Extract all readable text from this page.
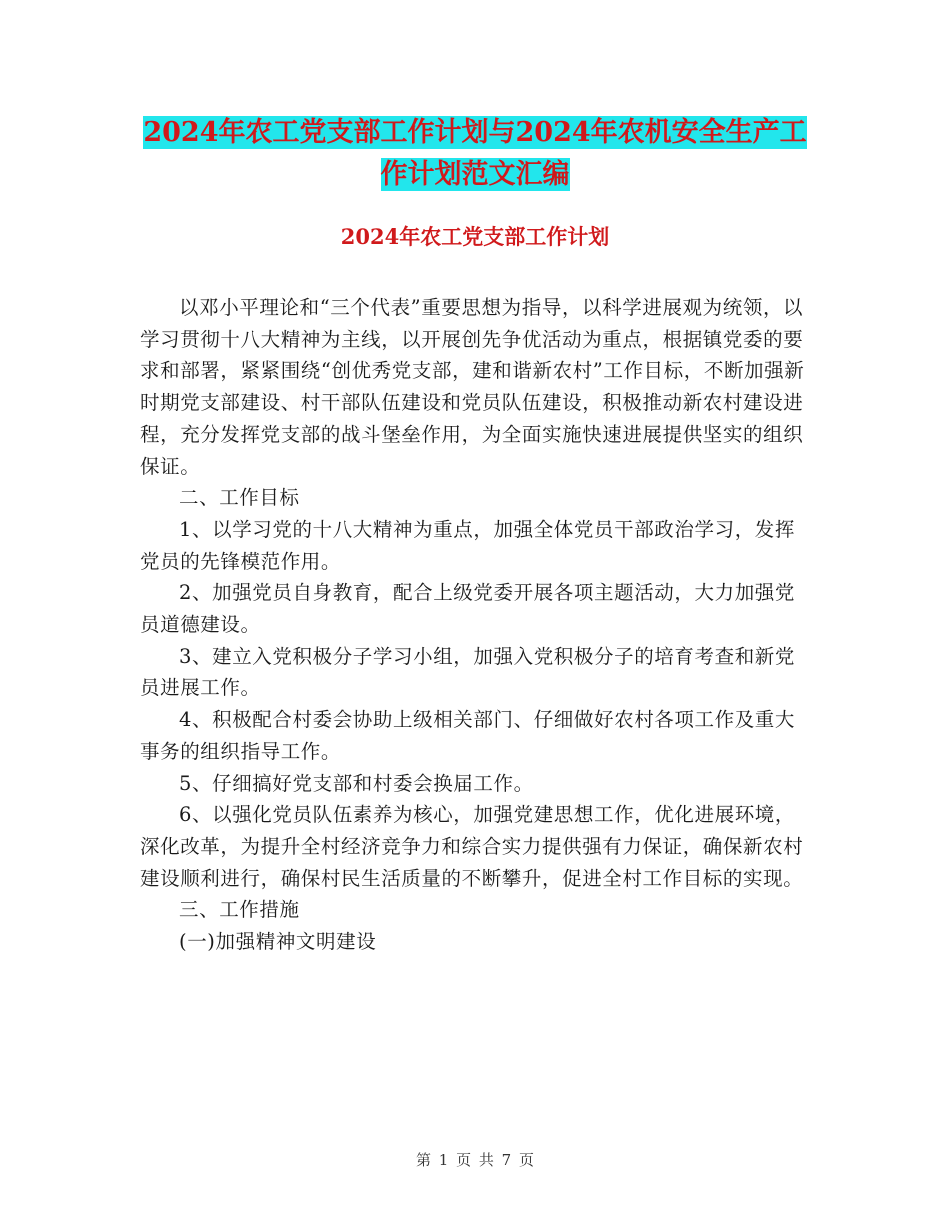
2024年农工党支部工作计划与2024年农机安全生产工
作计划范文汇编
2024年农工党支部工作计划

以邓小平理论和“三个代表”重要思想为指导，以科学进展观为统领，以学习贯彻十八大精神为主线，以开展创先争优活动为重点，根据镇党委的要求和部署，紧紧围绕“创优秀党支部，建和谐新农村”工作目标，不断加强新时期党支部建设、村干部队伍建设和党员队伍建设，积极推动新农村建设进程，充分发挥党支部的战斗堡垒作用，为全面实施快速进展提供坚实的组织保证。

二、工作目标

1、以学习党的十八大精神为重点，加强全体党员干部政治学习，发挥党员的先锋模范作用。

2、加强党员自身教育，配合上级党委开展各项主题活动，大力加强党员道德建设。

3、建立入党积极分子学习小组，加强入党积极分子的培育考查和新党员进展工作。

4、积极配合村委会协助上级相关部门、仔细做好农村各项工作及重大事务的组织指导工作。

5、仔细搞好党支部和村委会换届工作。

6、以强化党员队伍素养为核心，加强党建思想工作，优化进展环境，深化改革，为提升全村经济竞争力和综合实力提供强有力保证，确保新农村建设顺利进行，确保村民生活质量的不断攀升，促进全村工作目标的实现。

三、工作措施

(一)加强精神文明建设

第 1 页 共 7 页
